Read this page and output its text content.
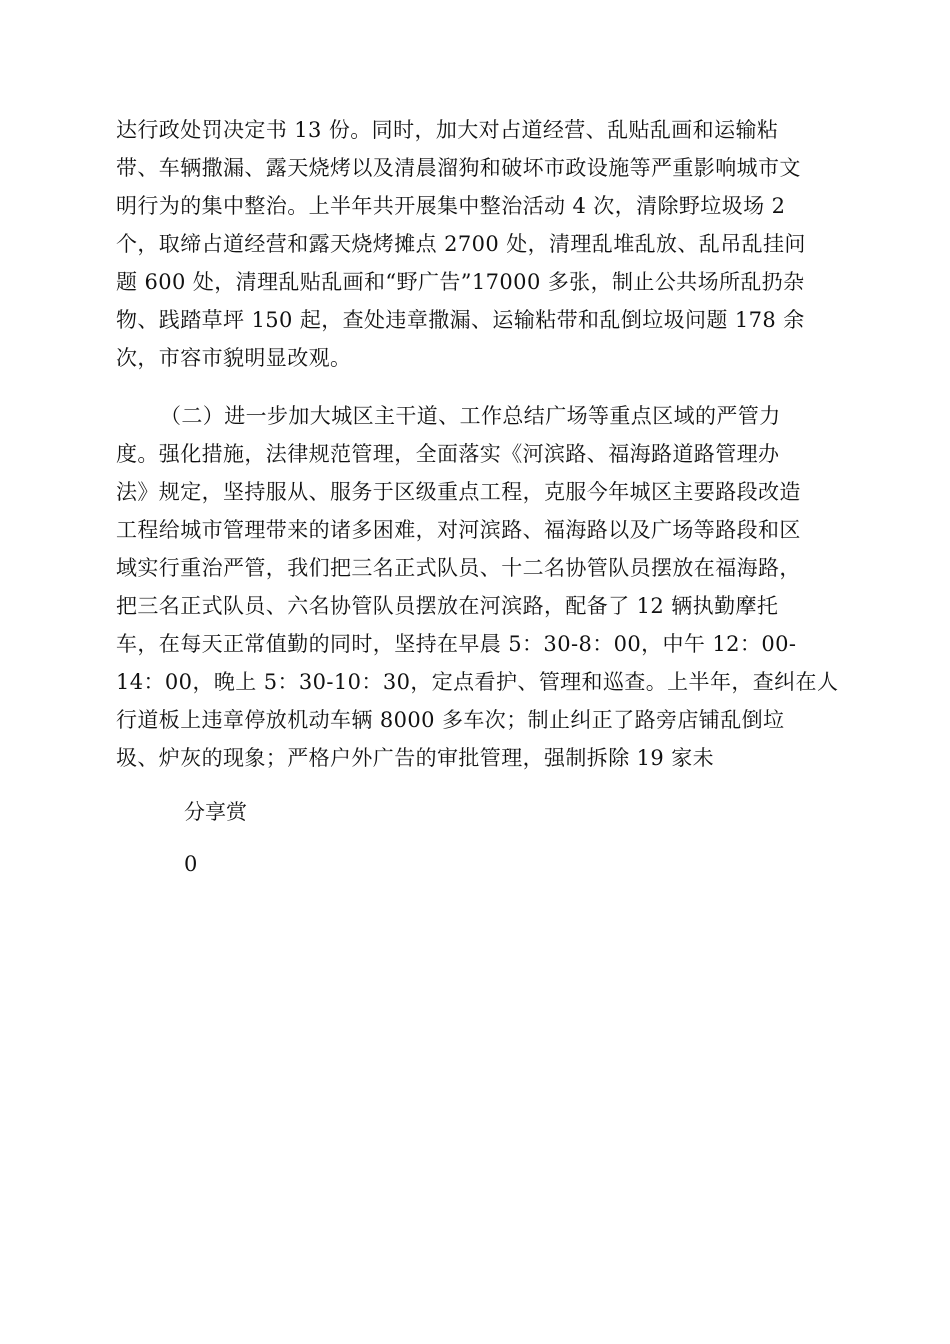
达行政处罚决定书 13 份。同时，加大对占道经营、乱贴乱画和运输粘
带、车辆撒漏、露天烧烤以及清晨溜狗和破坏市政设施等严重影响城市文
明行为的集中整治。上半年共开展集中整治活动 4 次，清除野垃圾场 2
个，取缔占道经营和露天烧烤摊点 2700 处，清理乱堆乱放、乱吊乱挂问
题 600 处，清理乱贴乱画和“野广告”17000 多张，制止公共场所乱扔杂
物、践踏草坪 150 起，查处违章撒漏、运输粘带和乱倒垃圾问题 178 余
次，市容市貌明显改观。
（二）进一步加大城区主干道、工作总结广场等重点区域的严管力
度。强化措施，法律规范管理，全面落实《河滨路、福海路道路管理办
法》规定，坚持服从、服务于区级重点工程，克服今年城区主要路段改造
工程给城市管理带来的诸多困难，对河滨路、福海路以及广场等路段和区
域实行重治严管，我们把三名正式队员、十二名协管队员摆放在福海路，
把三名正式队员、六名协管队员摆放在河滨路，配备了 12 辆执勤摩托
车，在每天正常值勤的同时，坚持在早晨 5：30-8：00，中午 12：00-
14：00，晚上 5：30-10：30，定点看护、管理和巡查。上半年，查纠在人
行道板上违章停放机动车辆 8000 多车次；制止纠正了路旁店铺乱倒垃
圾、炉灰的现象；严格户外广告的审批管理，强制拆除 19 家未
分享赏
0
